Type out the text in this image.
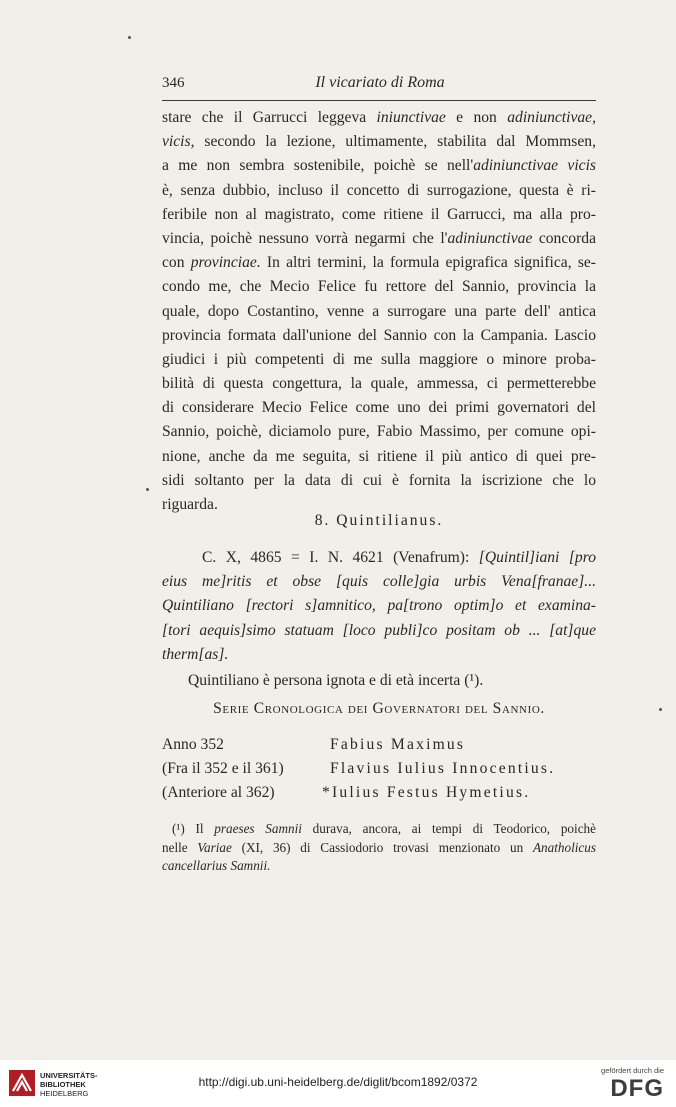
346	Il vicariato di Roma
stare che il Garrucci leggeva iniunctivae e non adiniunctivae,
vicis, secondo la lezione, ultimamente, stabilita dal Mommsen,
a me non sembra sostenibile, poichè se nell'adiniunctivae vicis
è, senza dubbio, incluso il concetto di surrogazione, questa è ri-
feribile non al magistrato, come ritiene il Garrucci, ma alla pro-
vincia, poichè nessuno vorrà negarmi che l'adiniunctivae concorda
con provinciae. In altri termini, la formula epigrafica significa, se-
condo me, che Mecio Felice fu rettore del Sannio, provincia la
quale, dopo Costantino, venne a surrogare una parte dell' antica
provincia formata dall'unione del Sannio con la Campania. Lascio
giudici i più competenti di me sulla maggiore o minore proba-
bilità di questa congettura, la quale, ammessa, ci permetterebbe
di considerare Mecio Felice come uno dei primi governatori del
Sannio, poichè, diciamolo pure, Fabio Massimo, per comune opi-
nione, anche da me seguita, si ritiene il più antico di quei pre-
sidi soltanto per la data di cui è fornita la iscrizione che lo
riguarda.
8. Quintilianus.
C. X, 4865 = I. N. 4621 (Venafrum): [Quintil]iani [pro
eius me]ritis et obse [quis colle]gia urbis Vena[franae]...
Quintiliano [rectori s]amnitico, pa[trono optim]o et examina-
[tori aequis]simo statuam [loco publi]co positam ob ... [at]que
therm[as].
Quintiliano è persona ignota e di età incerta (¹).
Serie Cronologica dei Governatori del Sannio.
Anno 352	Fabius Maximus
(Fra il 352 e il 361)	Flavius Iulius Innocentius.
(Anteriore al 362)	*Iulius Festus Hymetius.
(¹) Il praeses Samnii durava, ancora, ai tempi di Teodorico, poichè
nelle Variae (XI, 36) di Cassiodorio trovasi menzionato un Anatholicus
cancellarius Samnii.
UNIVERSITÄTS-
BIBLIOTHEK
HEIDELBERG
http://digi.ub.uni-heidelberg.de/diglit/bcom1892/0372
gefördert durch die
DFG
